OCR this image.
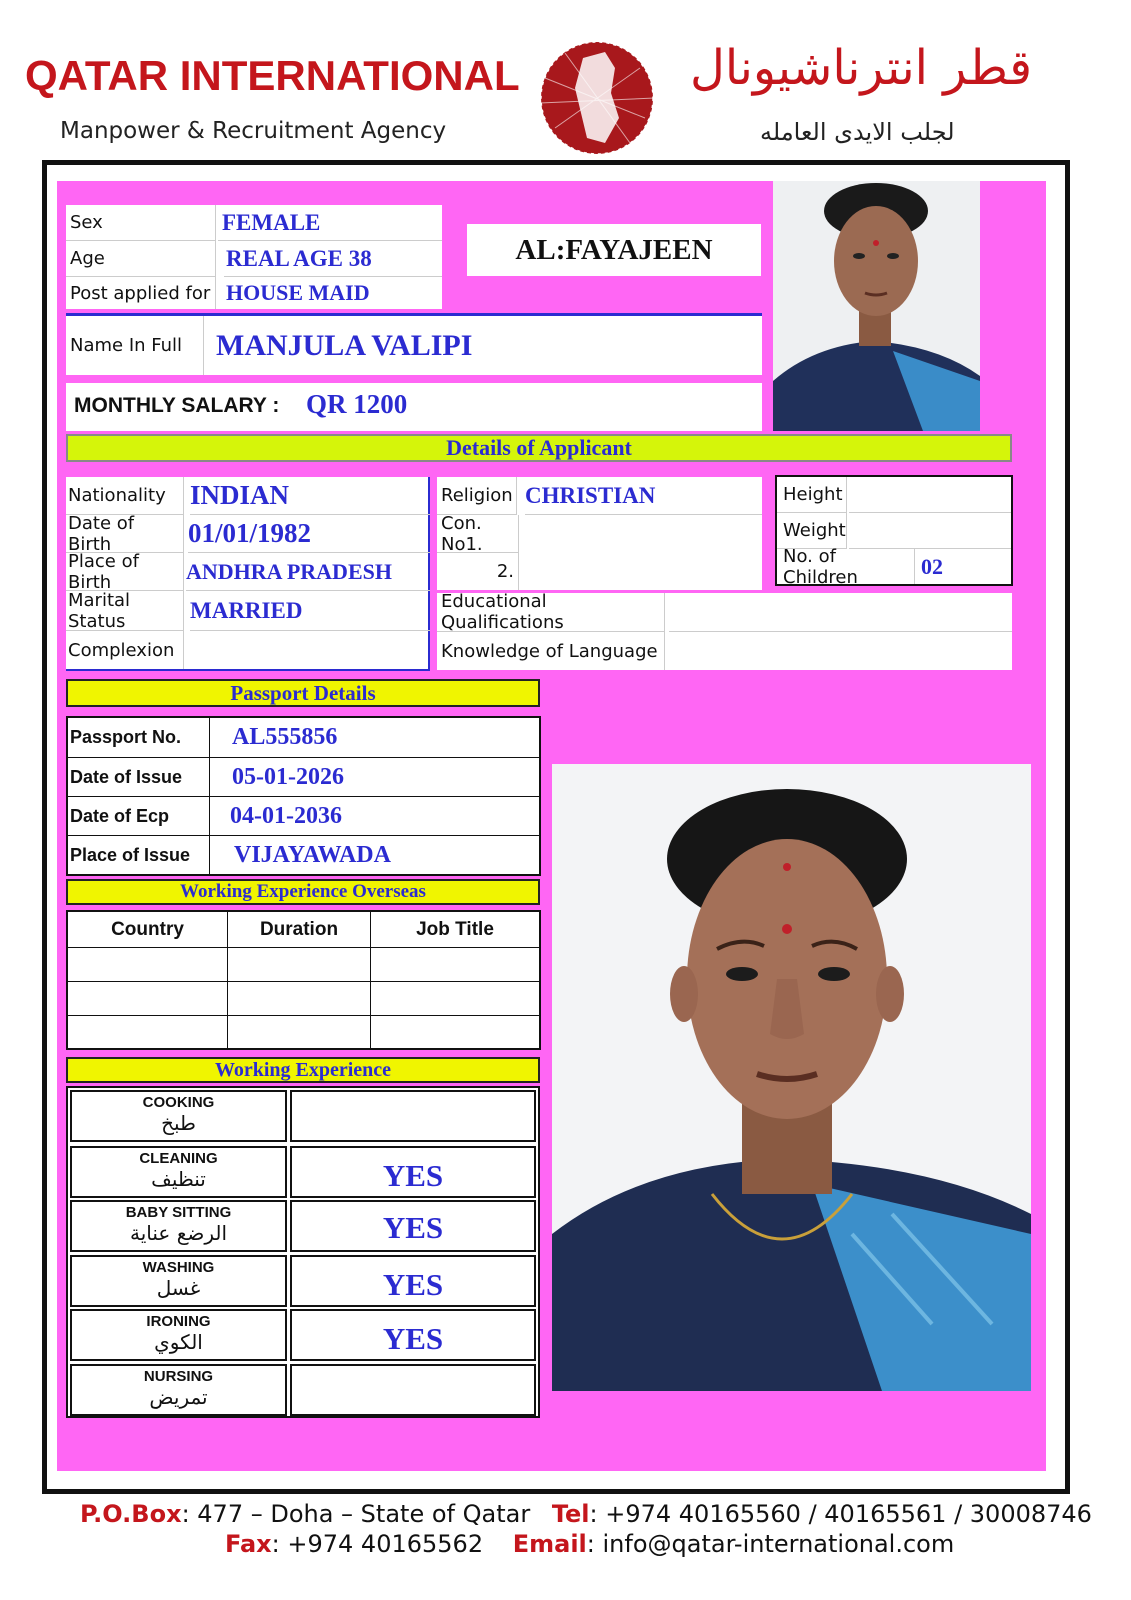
QATAR INTERNATIONAL
Manpower & Recruitment Agency
قطر انترناشيونال
لجلب الايدى العامله
Sex	FEMALE
Age	REAL AGE 38
Post applied for HOUSE MAID
AL:FAYAJEEN
Name In Full	MANJULA VALIPI
MONTHLY SALARY : QR 1200
Details of Applicant
Nationality INDIAN
Date of Birth	01/01/1982
Place of Birth	ANDHRA PRADESH
Marital Status	MARRIED
Complexion
Religion CHRISTIAN
Con. No1.
2.
Height
Weight
No. of Children	02
Educational Qualifications
Knowledge of Language
Passport Details
Passport No.	AL555856
Date of Issue	05-01-2026
Date of Ecp	04-01-2036
Place of Issue	VIJAYAWADA
Working Experience Overseas
Country	Duration	Job Title
Working Experience
COOKING
طبخ
CLEANING
تنظيف	YES
BABY SITTING
الرضع عناية	YES
WASHING
غسل	YES
IRONING
الكوي	YES
NURSING
تمريض
P.O.Box: 477 – Doha – State of Qatar Tel: +974 40165560 / 40165561 / 30008746
Fax: +974 40165562 Email: info@qatar-international.com
